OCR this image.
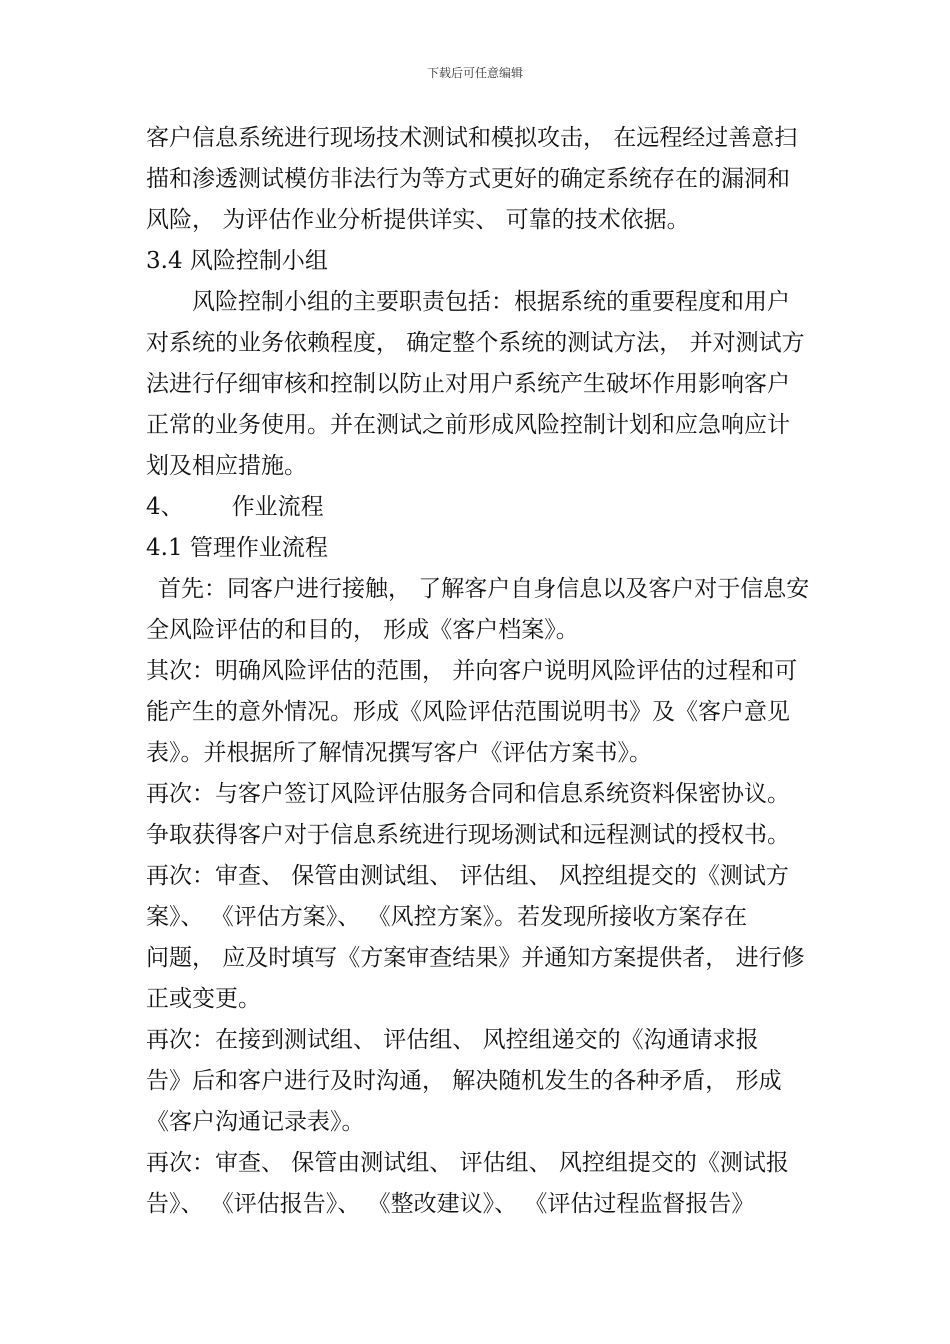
下载后可任意编辑
客户信息系统进行现场技术测试和模拟攻击， 在远程经过善意扫
描和渗透测试模仿非法行为等方式更好的确定系统存在的漏洞和
风险， 为评估作业分析提供详实、 可靠的技术依据。
3.4 风险控制小组
风险控制小组的主要职责包括：根据系统的重要程度和用户
对系统的业务依赖程度， 确定整个系统的测试方法， 并对测试方
法进行仔细审核和控制以防止对用户系统产生破坏作用影响客户
正常的业务使用。并在测试之前形成风险控制计划和应急响应计
划及相应措施。
4、 作业流程
4.1 管理作业流程
首先：同客户进行接触， 了解客户自身信息以及客户对于信息安
全风险评估的和目的， 形成《客户档案》。
其次：明确风险评估的范围， 并向客户说明风险评估的过程和可
能产生的意外情况。形成《风险评估范围说明书》及《客户意见
表》。并根据所了解情况撰写客户《评估方案书》。
再次：与客户签订风险评估服务合同和信息系统资料保密协议。
争取获得客户对于信息系统进行现场测试和远程测试的授权书。
再次：审查、 保管由测试组、 评估组、 风控组提交的《测试方
案》、 《评估方案》、 《风控方案》。若发现所接收方案存在
问题， 应及时填写《方案审查结果》并通知方案提供者， 进行修
正或变更。
再次：在接到测试组、 评估组、 风控组递交的《沟通请求报
告》后和客户进行及时沟通， 解决随机发生的各种矛盾， 形成
《客户沟通记录表》。
再次：审查、 保管由测试组、 评估组、 风控组提交的《测试报
告》、 《评估报告》、 《整改建议》、 《评估过程监督报告》
